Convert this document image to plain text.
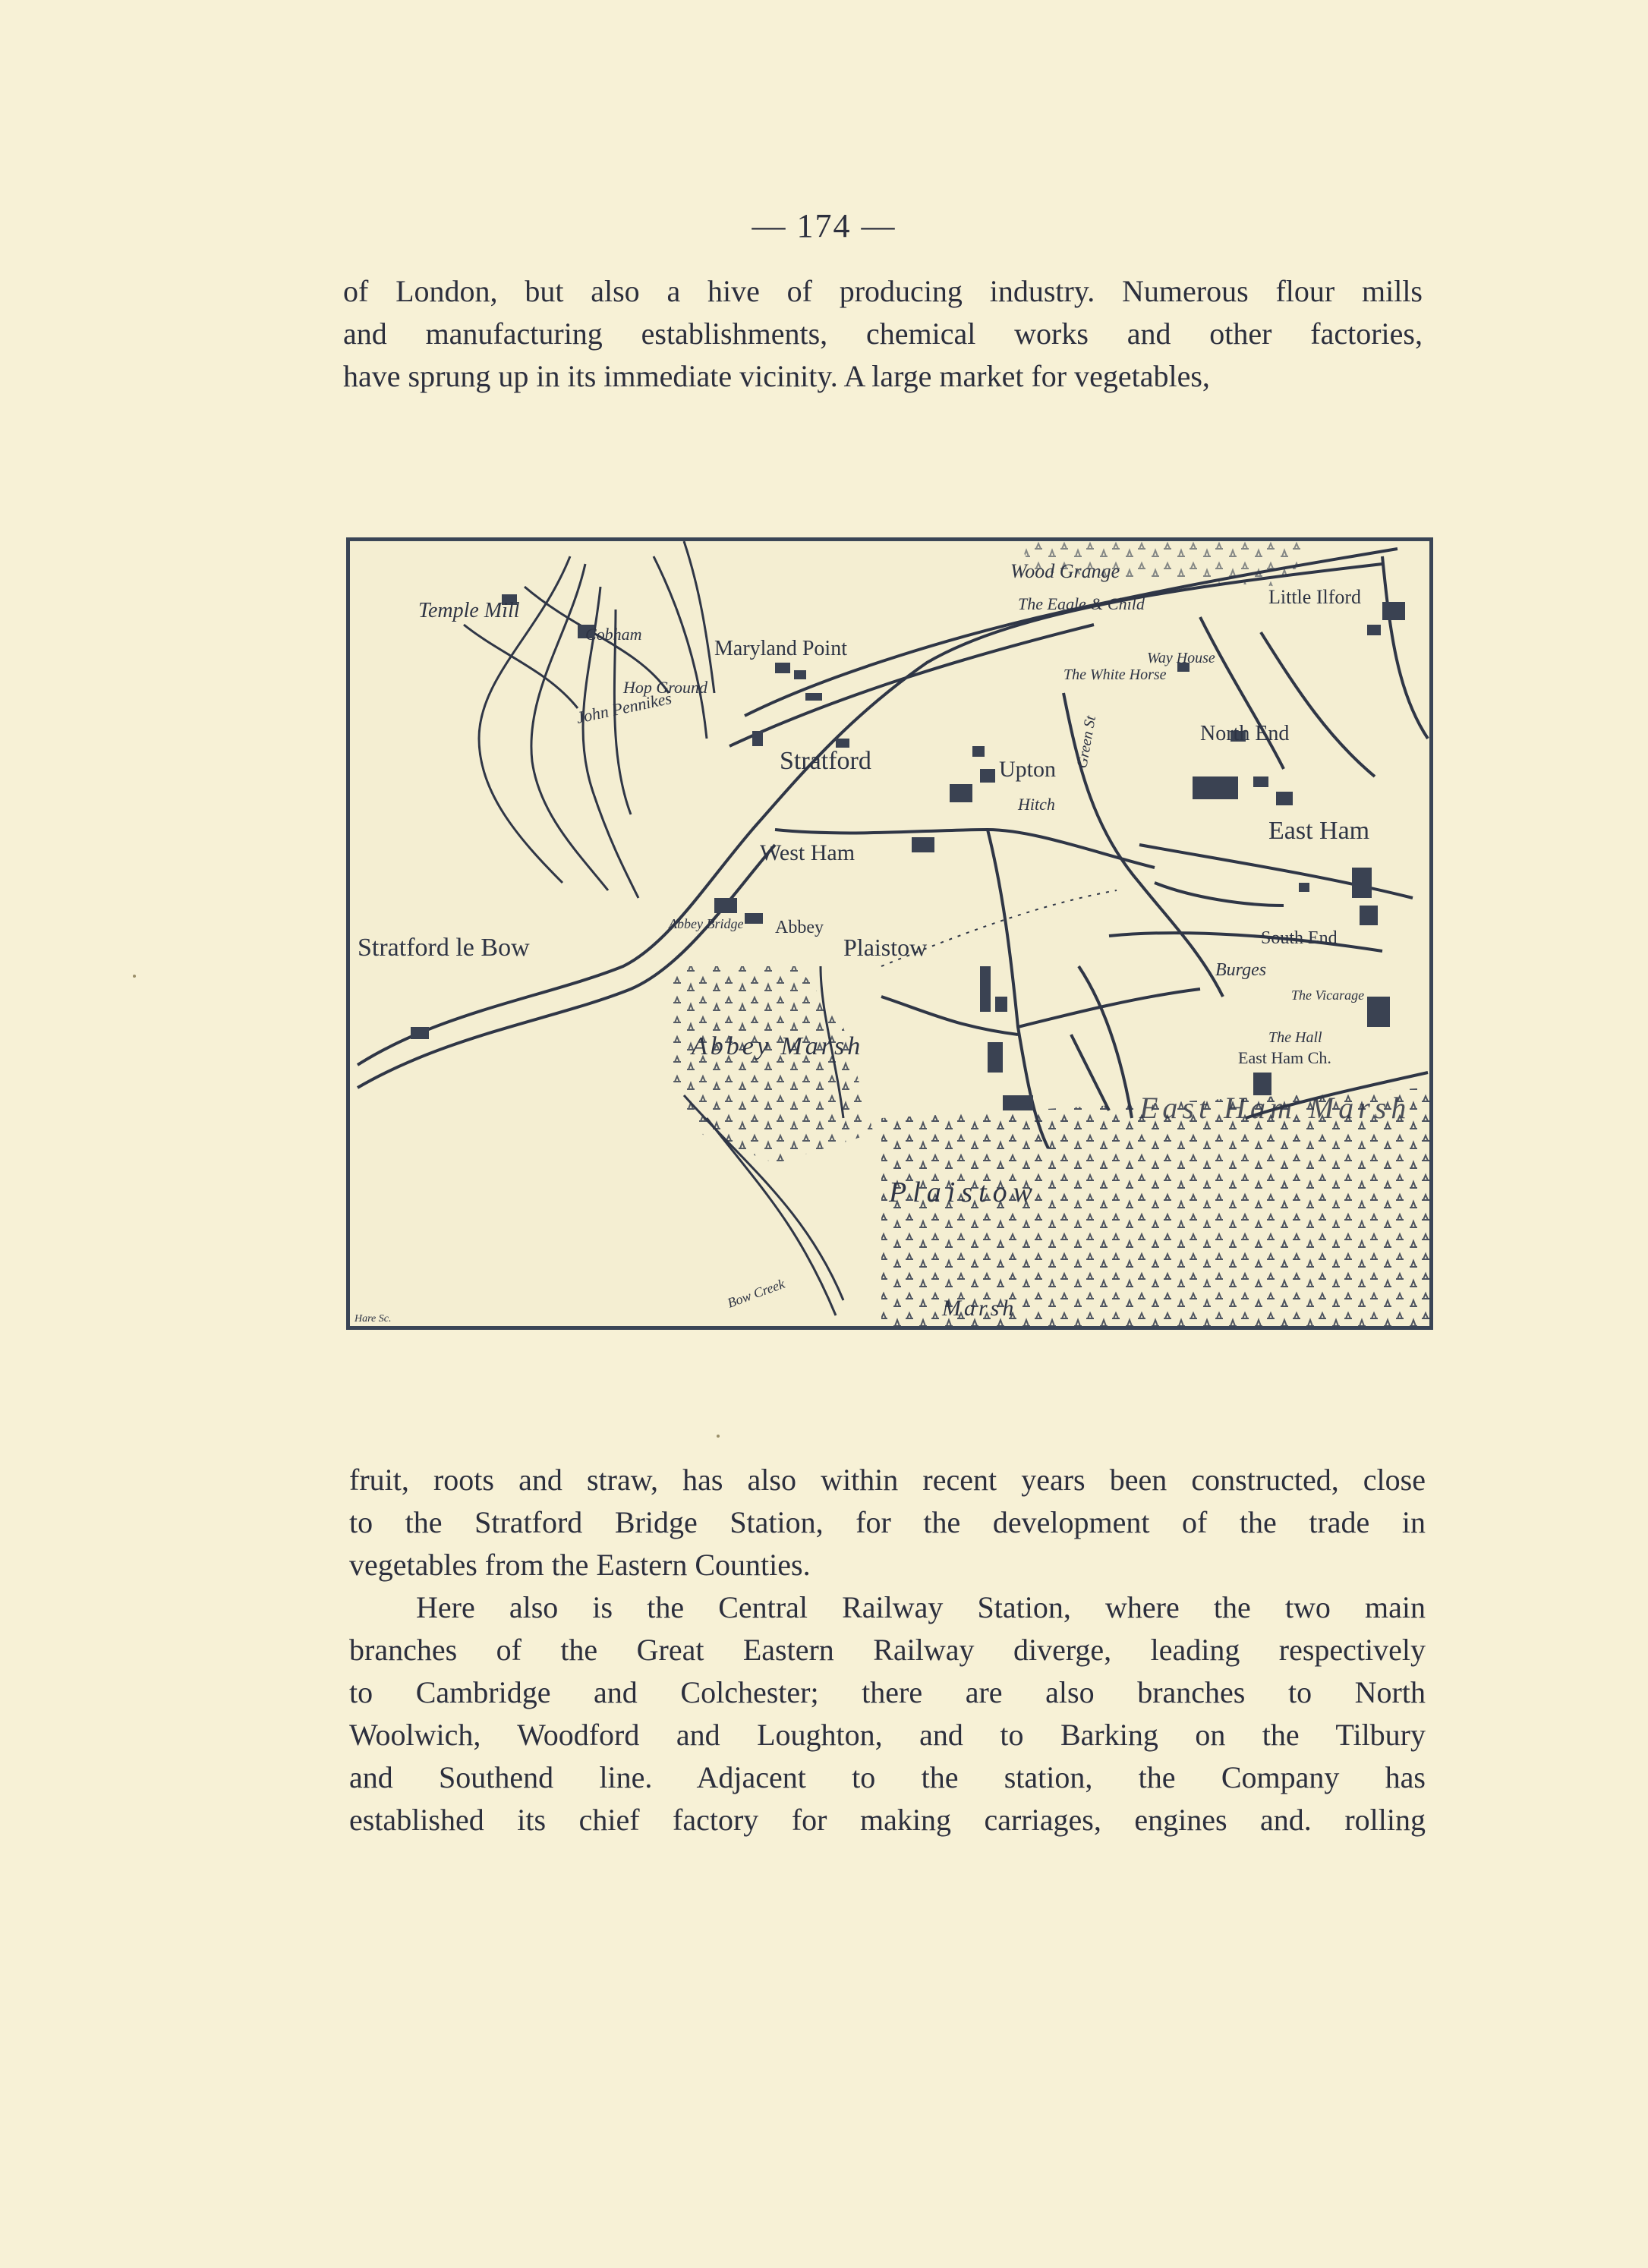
— 174 —

of London, but also a hive of producing industry. Numerous flour mills
and manufacturing establishments, chemical works and other factories,
have sprung up in its immediate vicinity. A large market for vegetables,

Temple Mill
Wood Grange
The Eagle & Child	Little Ilford
Cobham
Maryland Point
Hop Ground
John Pennikes
Way House
The White Horse
Stratford
North End
Upton
Hitch
Green St
Stratford le Bow
West Ham
East Ham
Plaistow
Abbey
Abbey Bridge
Abbey Marsh
South End
Burges
The Vicarage
The Hall
East Ham Ch.
East Ham Marsh
Plaistow
Marsh
Bow Creek
Hare Sc.

fruit, roots and straw, has also within recent years been constructed, close
to the Stratford Bridge Station, for the development of the trade in
vegetables from the Eastern Counties.
Here also is the Central Railway Station, where the two main
branches of the Great Eastern Railway diverge, leading respectively
to Cambridge and Colchester; there are also branches to North
Woolwich, Woodford and Loughton, and to Barking on the Tilbury
and Southend line. Adjacent to the station, the Company has
established its chief factory for making carriages, engines and. rolling
